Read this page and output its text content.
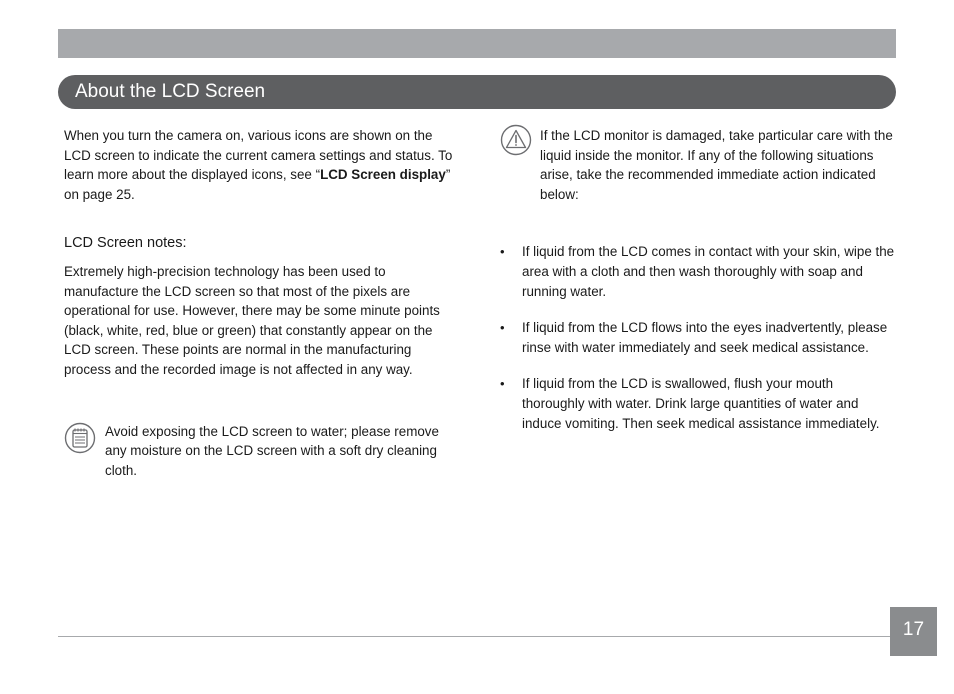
About the LCD Screen

When you turn the camera on, various icons are shown on the LCD screen to indicate the current camera settings and status. To learn more about the displayed icons, see “LCD Screen display” on page 25.

LCD Screen notes:

Extremely high-precision technology has been used to manufacture the LCD screen so that most of the pixels are operational for use. However, there may be some minute points (black, white, red, blue or green) that constantly appear on the LCD screen. These points are normal in the manufacturing process and the recorded image is not affected in any way.

Avoid exposing the LCD screen to water; please remove any moisture on the LCD screen with a soft dry cleaning cloth.

If the LCD monitor is damaged, take particular care with the liquid inside the monitor. If any of the following situations arise, take the recommended immediate action indicated below:

•	If liquid from the LCD comes in contact with your skin, wipe the area with a cloth and then wash thoroughly with soap and running water.
•	If liquid from the LCD flows into the eyes inadvertently, please rinse with water immediately and seek medical assistance.
•	If liquid from the LCD is swallowed, flush your mouth thoroughly with water. Drink large quantities of water and induce vomiting. Then seek medical assistance immediately.
17
